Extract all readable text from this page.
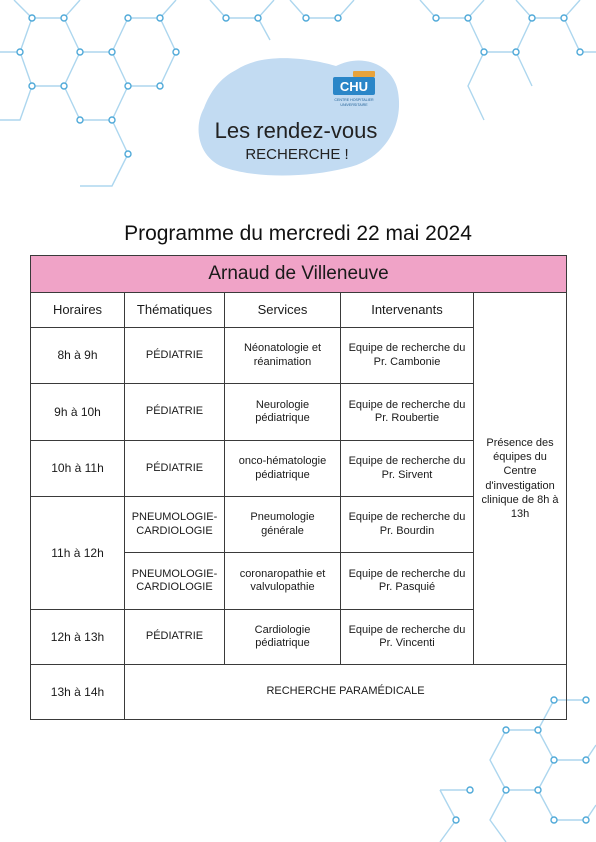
CHU
CENTRE HOSPITALIER
UNIVERSITAIRE
Les rendez-vous
RECHERCHE !
Programme du mercredi 22 mai 2024
Arnaud de Villeneuve				
Horaires	Thématiques	Services	Intervenants	Présence des équipes du Centre d'investigation clinique de 8h à 13h
8h à 9h	PÉDIATRIE	Néonatologie et réanimation	Equipe de recherche du Pr. Cambonie	
9h à 10h	PÉDIATRIE	Neurologie pédiatrique	Equipe de recherche du Pr. Roubertie	
10h à 11h	PÉDIATRIE	onco-hématologie pédiatrique	Equipe de recherche du Pr. Sirvent	
11h à 12h	PNEUMOLOGIE-CARDIOLOGIE	Pneumologie générale	Equipe de recherche du Pr. Bourdin	
	PNEUMOLOGIE-CARDIOLOGIE	coronaropathie et valvulopathie	Equipe de recherche du Pr. Pasquié	
12h à 13h	PÉDIATRIE	Cardiologie pédiatrique	Equipe de recherche du Pr. Vincenti	
13h à 14h	RECHERCHE PARAMÉDICALE			
